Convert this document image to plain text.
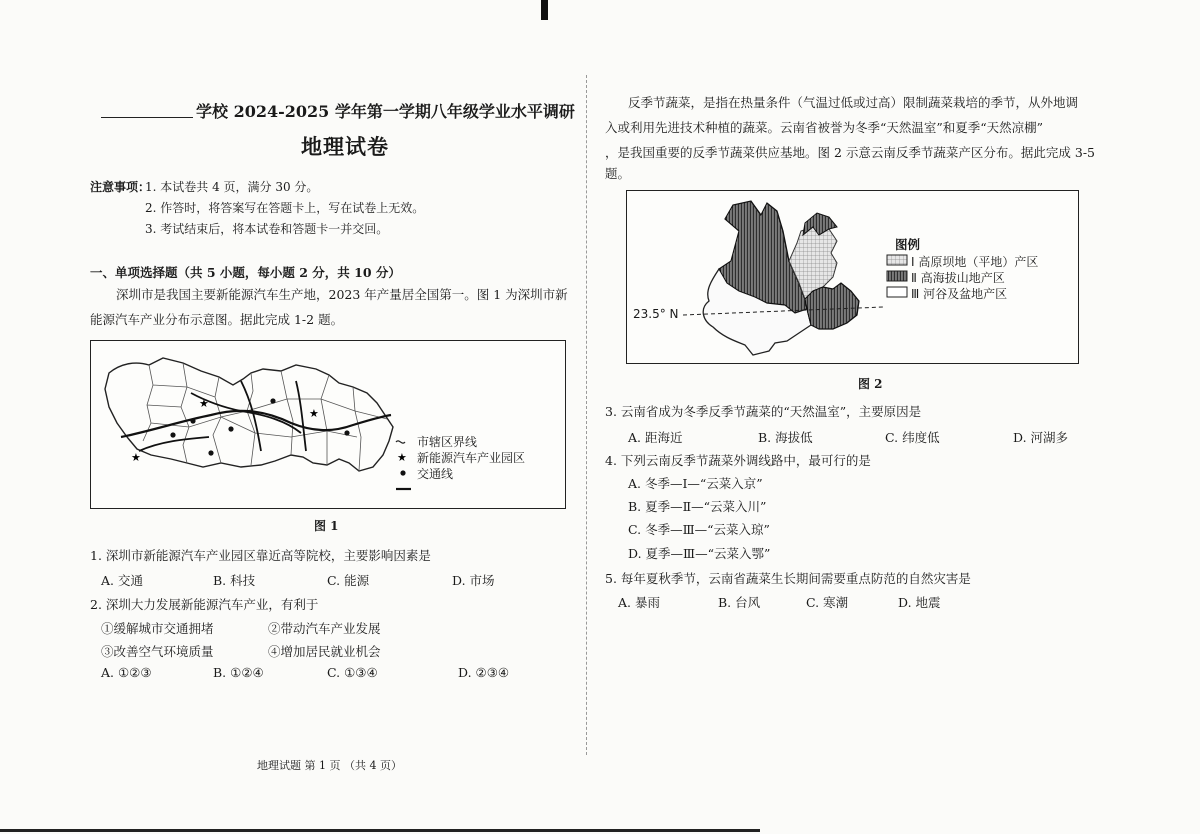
学校 2024-2025 学年第一学期八年级学业水平调研
地理试卷
注意事项：
1. 本试卷共 4 页，满分 30 分。
2. 作答时，将答案写在答题卡上，写在试卷上无效。
3. 考试结束后，将本试卷和答题卡一并交回。
一、单项选择题（共 5 小题，每小题 2 分，共 10 分）
深圳市是我国主要新能源汽车生产地，2023 年产量居全国第一。图 1 为深圳市新
能源汽车产业分布示意图。据此完成 1-2 题。
★
★
★
★
市辖区界线
新能源汽车产业园区
交通线
图 1
1. 深圳市新能源汽车产业园区靠近高等院校，主要影响因素是
A. 交通	B. 科技	C. 能源	D. 市场
2. 深圳大力发展新能源汽车产业，有利于
①缓解城市交通拥堵	②带动汽车产业发展
③改善空气环境质量	④增加居民就业机会
A. ①②③	B. ①②④	C. ①③④	D. ②③④
地理试题 第 1 页 （共 4 页）
反季节蔬菜，是指在热量条件（气温过低或过高）限制蔬菜栽培的季节，从外地调
入或利用先进技术种植的蔬菜。云南省被誉为冬季“天然温室”和夏季“天然凉棚”
，是我国重要的反季节蔬菜供应基地。图 2 示意云南反季节蔬菜产区分布。据此完成 3-5
题。
23.5° N
图例
Ⅰ 高原坝地（平地）产区
Ⅱ 高海拔山地产区
Ⅲ 河谷及盆地产区
图 2
3. 云南省成为冬季反季节蔬菜的“天然温室”，主要原因是
A. 距海近	B. 海拔低	C. 纬度低	D. 河湖多
4. 下列云南反季节蔬菜外调线路中，最可行的是
A. 冬季—Ⅰ—“云菜入京”
B. 夏季—Ⅱ—“云菜入川”
C. 冬季—Ⅲ—“云菜入琼”
D. 夏季—Ⅲ—“云菜入鄂”
5. 每年夏秋季节，云南省蔬菜生长期间需要重点防范的自然灾害是
A. 暴雨	B. 台风	C. 寒潮	D. 地震
